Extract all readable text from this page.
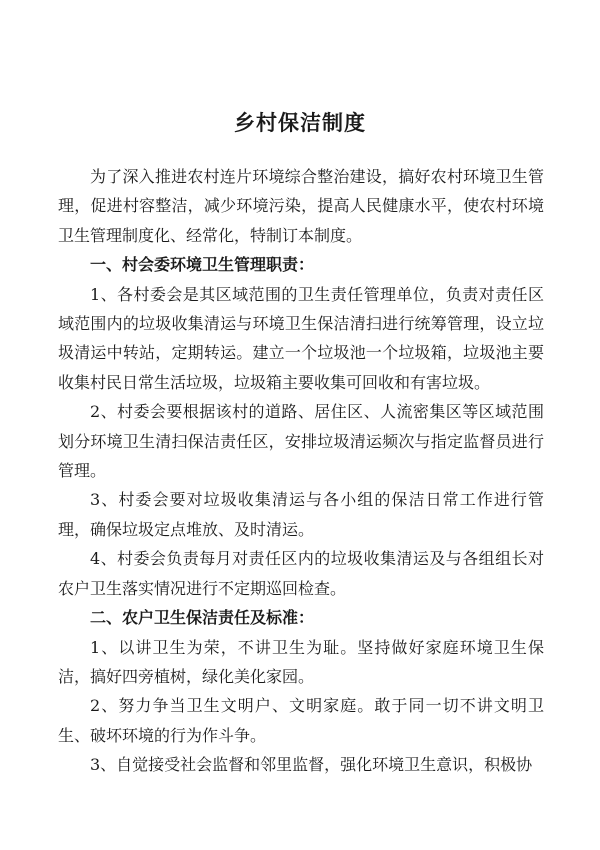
乡村保洁制度

为了深入推进农村连片环境综合整治建设，搞好农村环境卫生管理，促进村容整洁，减少环境污染，提高人民健康水平，使农村环境卫生管理制度化、经常化，特制订本制度。

一、村会委环境卫生管理职责：

1、各村委会是其区域范围的卫生责任管理单位，负责对责任区域范围内的垃圾收集清运与环境卫生保洁清扫进行统筹管理，设立垃圾清运中转站，定期转运。建立一个垃圾池一个垃圾箱，垃圾池主要收集村民日常生活垃圾，垃圾箱主要收集可回收和有害垃圾。

2、村委会要根据该村的道路、居住区、人流密集区等区域范围划分环境卫生清扫保洁责任区，安排垃圾清运频次与指定监督员进行管理。

3、村委会要对垃圾收集清运与各小组的保洁日常工作进行管理，确保垃圾定点堆放、及时清运。

4、村委会负责每月对责任区内的垃圾收集清运及与各组组长对农户卫生落实情况进行不定期巡回检查。

二、农户卫生保洁责任及标准：

1、以讲卫生为荣，不讲卫生为耻。坚持做好家庭环境卫生保洁，搞好四旁植树，绿化美化家园。

2、努力争当卫生文明户、文明家庭。敢于同一切不讲文明卫生、破坏环境的行为作斗争。

3、自觉接受社会监督和邻里监督，强化环境卫生意识，积极协
